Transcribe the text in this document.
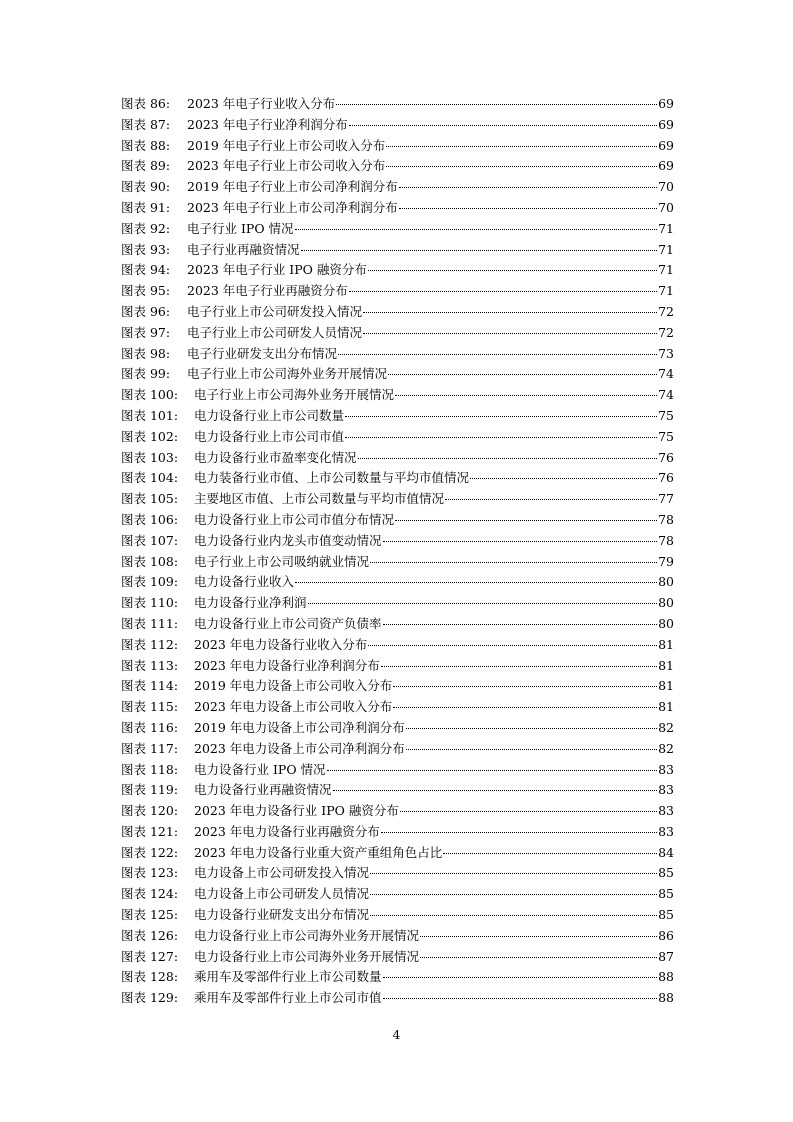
图表 86:	2023 年电子行业收入分布	69
图表 87:	2023 年电子行业净利润分布	69
图表 88:	2019 年电子行业上市公司收入分布	69
图表 89:	2023 年电子行业上市公司收入分布	69
图表 90:	2019 年电子行业上市公司净利润分布	70
图表 91:	2023 年电子行业上市公司净利润分布	70
图表 92:	电子行业 IPO 情况	71
图表 93:	电子行业再融资情况	71
图表 94:	2023 年电子行业 IPO 融资分布	71
图表 95:	2023 年电子行业再融资分布	71
图表 96:	电子行业上市公司研发投入情况	72
图表 97:	电子行业上市公司研发人员情况	72
图表 98:	电子行业研发支出分布情况	73
图表 99:	电子行业上市公司海外业务开展情况	74
图表 100:	电子行业上市公司海外业务开展情况	74
图表 101:	电力设备行业上市公司数量	75
图表 102:	电力设备行业上市公司市值	75
图表 103:	电力设备行业市盈率变化情况	76
图表 104:	电力装备行业市值、上市公司数量与平均市值情况	76
图表 105:	主要地区市值、上市公司数量与平均市值情况	77
图表 106:	电力设备行业上市公司市值分布情况	78
图表 107:	电力设备行业内龙头市值变动情况	78
图表 108:	电子行业上市公司吸纳就业情况	79
图表 109:	电力设备行业收入	80
图表 110:	电力设备行业净利润	80
图表 111:	电力设备行业上市公司资产负债率	80
图表 112:	2023 年电力设备行业收入分布	81
图表 113:	2023 年电力设备行业净利润分布	81
图表 114:	2019 年电力设备上市公司收入分布	81
图表 115:	2023 年电力设备上市公司收入分布	81
图表 116:	2019 年电力设备上市公司净利润分布	82
图表 117:	2023 年电力设备上市公司净利润分布	82
图表 118:	电力设备行业 IPO 情况	83
图表 119:	电力设备行业再融资情况	83
图表 120:	2023 年电力设备行业 IPO 融资分布	83
图表 121:	2023 年电力设备行业再融资分布	83
图表 122:	2023 年电力设备行业重大资产重组角色占比	84
图表 123:	电力设备上市公司研发投入情况	85
图表 124:	电力设备上市公司研发人员情况	85
图表 125:	电力设备行业研发支出分布情况	85
图表 126:	电力设备行业上市公司海外业务开展情况	86
图表 127:	电力设备行业上市公司海外业务开展情况	87
图表 128:	乘用车及零部件行业上市公司数量	88
图表 129:	乘用车及零部件行业上市公司市值	88
4
